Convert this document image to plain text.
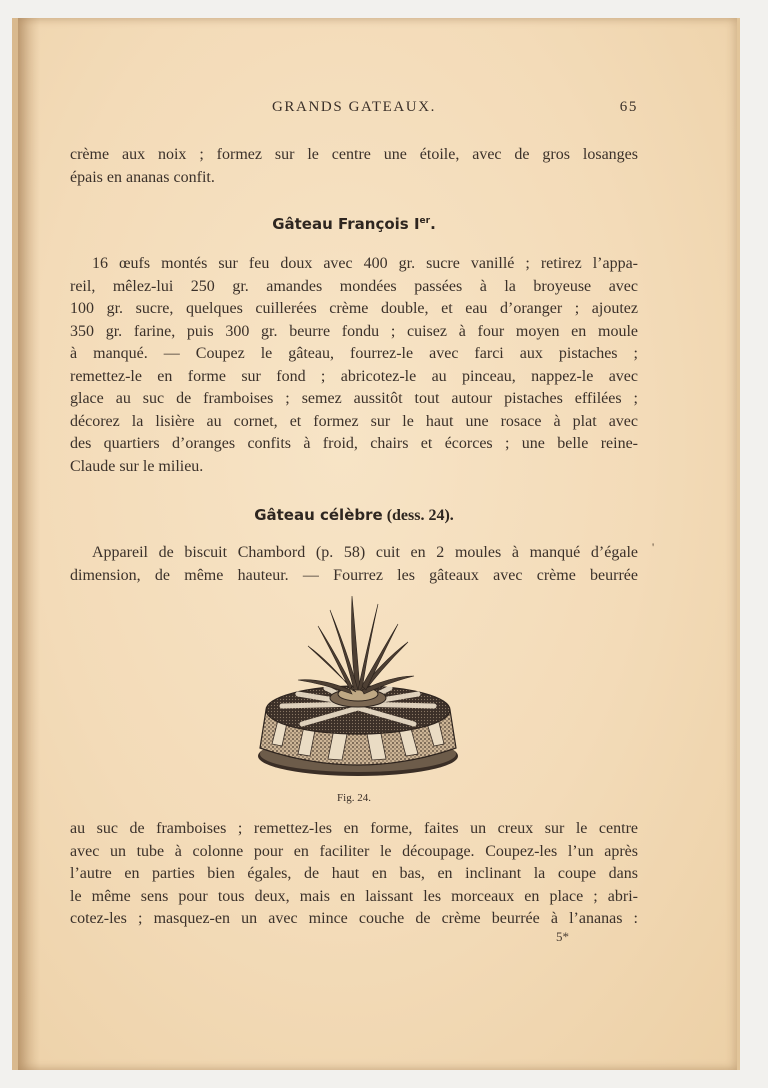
GRANDS GATEAUX.	65

crème aux noix ; formez sur le centre une étoile, avec de gros losanges
épais en ananas confit.

Gâteau François Ier.

16 œufs montés sur feu doux avec 400 gr. sucre vanillé ; retirez l’appa-
reil, mêlez-lui 250 gr. amandes mondées passées à la broyeuse avec
100 gr. sucre, quelques cuillerées crème double, et eau d’oranger ; ajoutez
350 gr. farine, puis 300 gr. beurre fondu ; cuisez à four moyen en moule
à manqué. — Coupez le gâteau, fourrez-le avec farci aux pistaches ;
remettez-le en forme sur fond ; abricotez-le au pinceau, nappez-le avec
glace au suc de framboises ; semez aussitôt tout autour pistaches effilées ;
décorez la lisière au cornet, et formez sur le haut une rosace à plat avec
des quartiers d’oranges confits à froid, chairs et écorces ; une belle reine-
Claude sur le milieu.

Gâteau célèbre (dess. 24).
'

Appareil de biscuit Chambord (p. 58) cuit en 2 moules à manqué d’égale
dimension, de même hauteur. — Fourrez les gâteaux avec crème beurrée

Fig. 24.

au suc de framboises ; remettez-les en forme, faites un creux sur le centre
avec un tube à colonne pour en faciliter le découpage. Coupez-les l’un après
l’autre en parties bien égales, de haut en bas, en inclinant la coupe dans
le même sens pour tous deux, mais en laissant les morceaux en place ; abri-
cotez-les ; masquez-en un avec mince couche de crème beurrée à l’ananas :

5*
